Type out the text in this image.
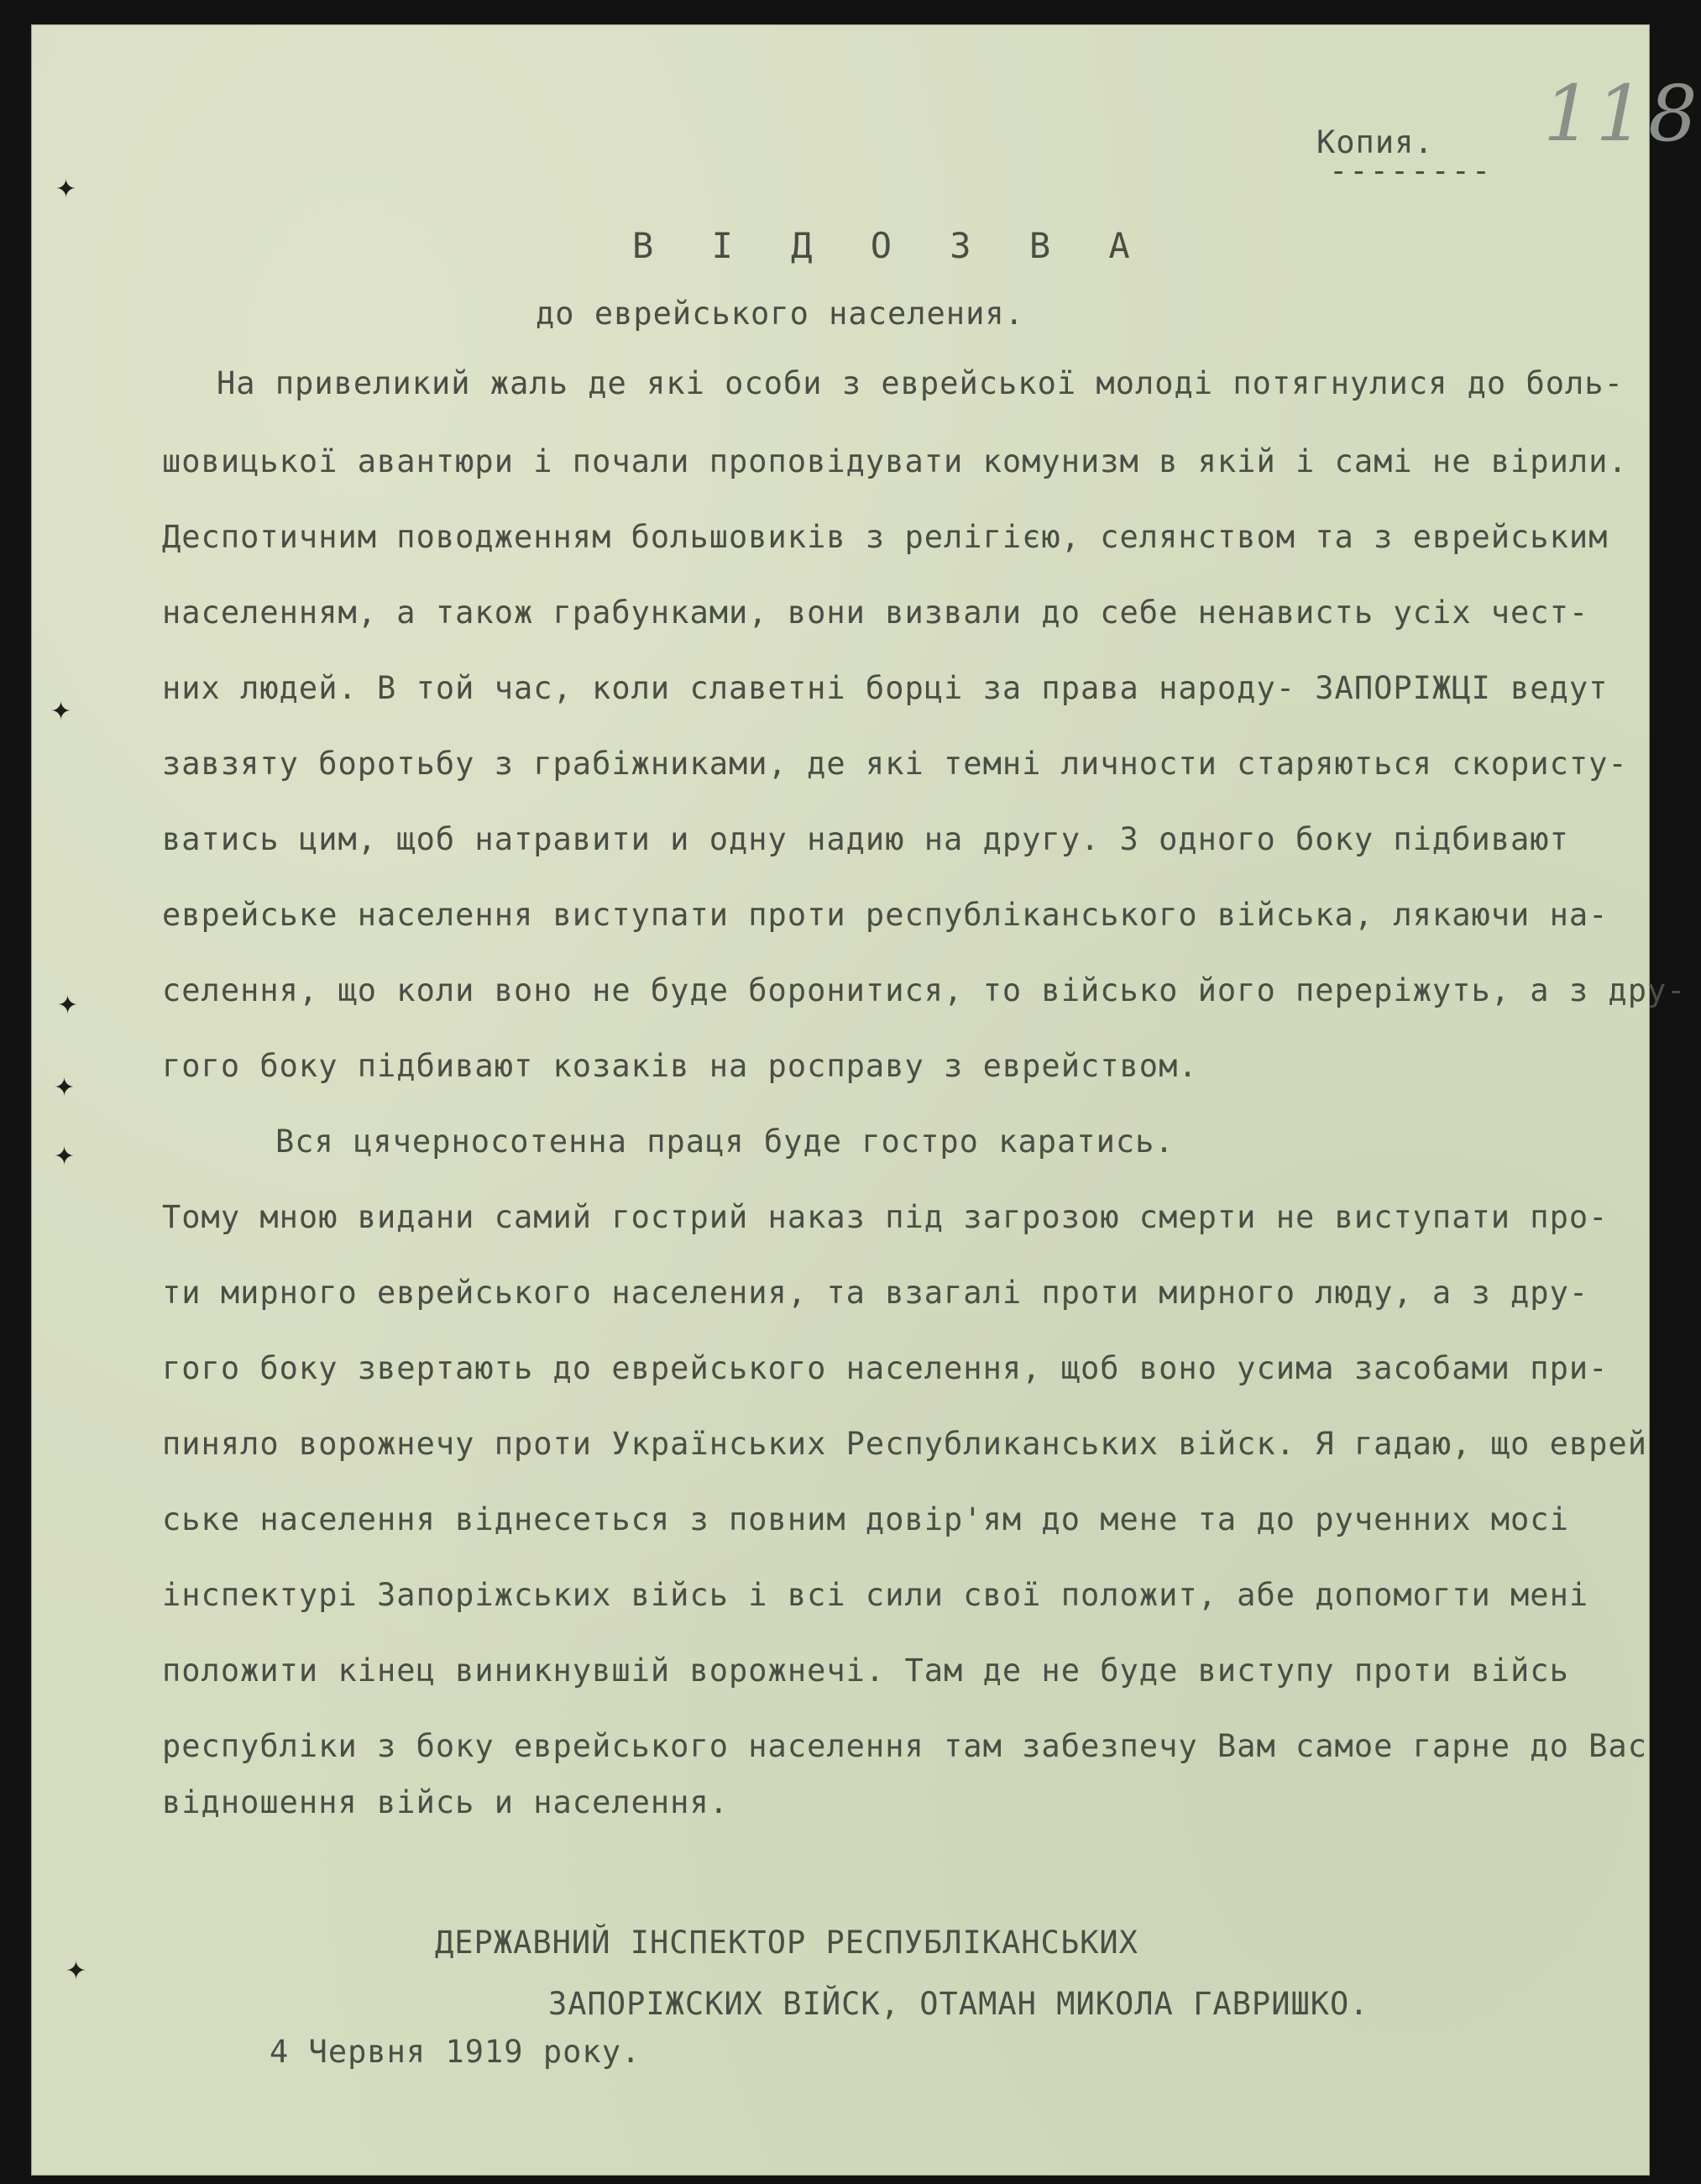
Копия.
--------
118
В І Д О З В А
до еврейського населения.
На привеликий жаль де які особи з еврейської молоді потягнулися до боль-
шовицької авантюри і почали проповідувати комунизм в якій і самі не вірили.
Деспотичним поводженням большовиків з релігією, селянством та з еврейським
населенням, а також грабунками, вони визвали до себе ненависть усіх чест-
них людей. В той час, коли славетні борці за права народу- ЗАПОРІЖЦІ ведут
завзяту боротьбу з грабіжниками, де які темні личности старяються скористу-
ватись цим, щоб натравити и одну надию на другу. З одного боку підбивают
еврейське населення виступати проти республіканського війська, лякаючи на-
селення, що коли воно не буде боронитися, то військо його переріжуть, а з дру-
гого боку підбивают козаків на росправу з еврейством.
Вся цячерносотенна праця буде гостро каратись.
Тому мною видани самий гострий наказ під загрозою смерти не виступати про-
ти мирного еврейського населения, та взагалі проти мирного люду, а з дру-
гого боку звертають до еврейського населення, щоб воно усима засобами при-
пиняло ворожнечу проти Українських Республиканських війск. Я гадаю, що еврей
ське населення віднесеться з повним довір'ям до мене та до рученних мосі
інспектурі Запоріжських війсь і всі сили свої положит, абе допомогти мені
положити кінец виникнувшій ворожнечі. Там де не буде виступу проти війсь
республіки з боку еврейського населення там забезпечу Вам самое гарне до Вас
відношення війсь и населення.
ДЕРЖАВНИЙ ІНСПЕКТОР РЕСПУБЛІКАНСЬКИХ
ЗАПОРІЖСКИХ ВІЙСК, ОТАМАН МИКОЛА ГАВРИШКО.
4 Червня 1919 року.
✦
✦
✦
✦
✦
✦
